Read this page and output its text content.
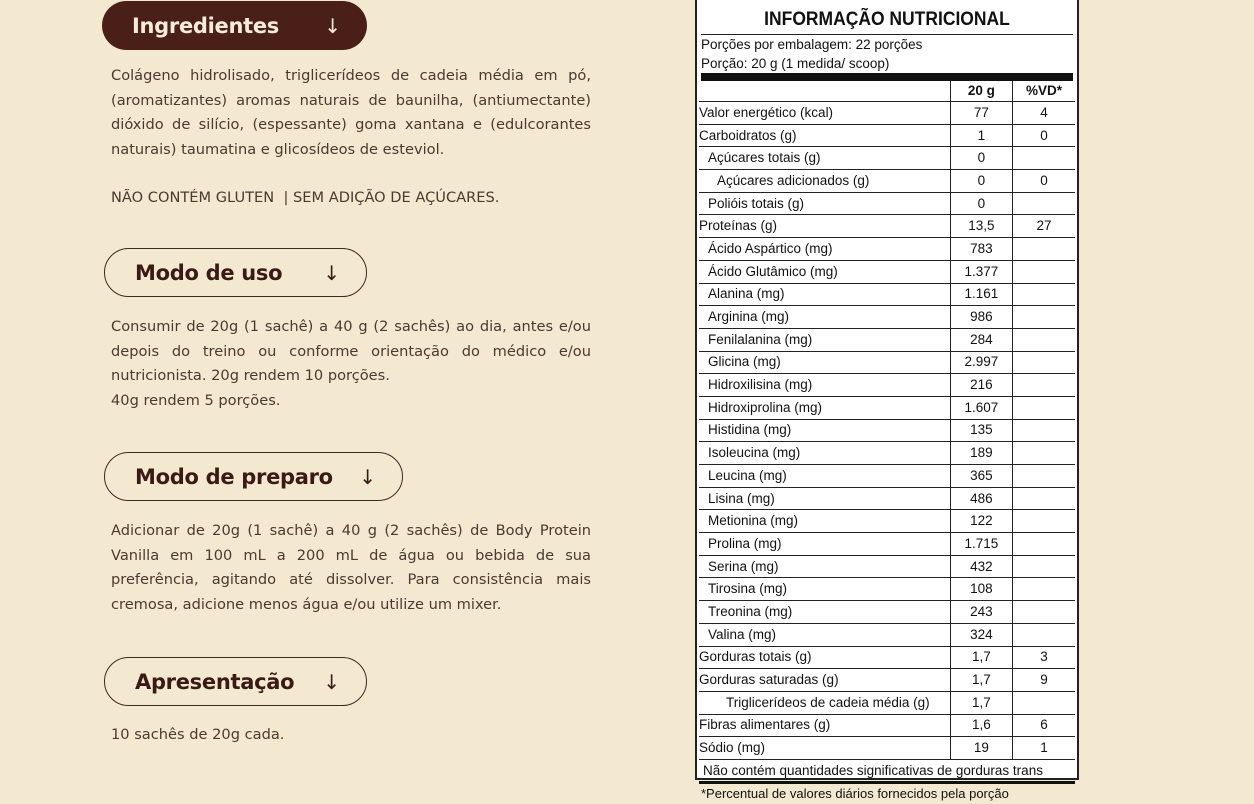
Ingredientes ↓

Colágeno hidrolisado, triglicerídeos de cadeia média em pó, (aromatizantes) aromas naturais de baunilha, (antiumectante) dióxido de silício, (espessante) goma xantana e (edulcorantes naturais) taumatina e glicosídeos de esteviol.

NÃO CONTÉM GLUTEN  | SEM ADIÇÃO DE AÇÚCARES.

Modo de uso ↓

Consumir de 20g (1 sachê) a 40 g (2 sachês) ao dia, antes e/ou depois do treino ou conforme orientação do médico e/ou nutricionista. 20g rendem 10 porções.

40g rendem 5 porções.

Modo de preparo ↓

Adicionar de 20g (1 sachê) a 40 g (2 sachês) de Body Protein Vanilla em 100 mL a 200 mL de água ou bebida de sua preferência, agitando até dissolver. Para consistência mais cremosa, adicione menos água e/ou utilize um mixer.

Apresentação ↓

10 sachês de 20g cada.

INFORMAÇÃO NUTRICIONAL
Porções por embalagem: 22 porções
Porção: 20 g (1 medida/ scoop)
	20 g	%VD*
Valor energético (kcal)	77	4
Carboidratos (g)	1	0
Açúcares totais (g)	0	
Açúcares adicionados (g)	0	0
Polióis totais (g)	0	
Proteínas (g)	13,5	27
Ácido Aspártico (mg)	783	
Ácido Glutâmico (mg)	1.377	
Alanina (mg)	1.161	
Arginina (mg)	986	
Fenilalanina (mg)	284	
Glicina (mg)	2.997	
Hidroxilisina (mg)	216	
Hidroxiprolina (mg)	1.607	
Histidina (mg)	135	
Isoleucina (mg)	189	
Leucina (mg)	365	
Lisina (mg)	486	
Metionina (mg)	122	
Prolina (mg)	1.715	
Serina (mg)	432	
Tirosina (mg)	108	
Treonina (mg)	243	
Valina (mg)	324	
Gorduras totais (g)	1,7	3
Gorduras saturadas (g)	1,7	9
Triglicerídeos de cadeia média (g)	1,7	
Fibras alimentares (g)	1,6	6
Sódio (mg)	19	1
Não contém quantidades significativas de gorduras trans
*Percentual de valores diários fornecidos pela porção
